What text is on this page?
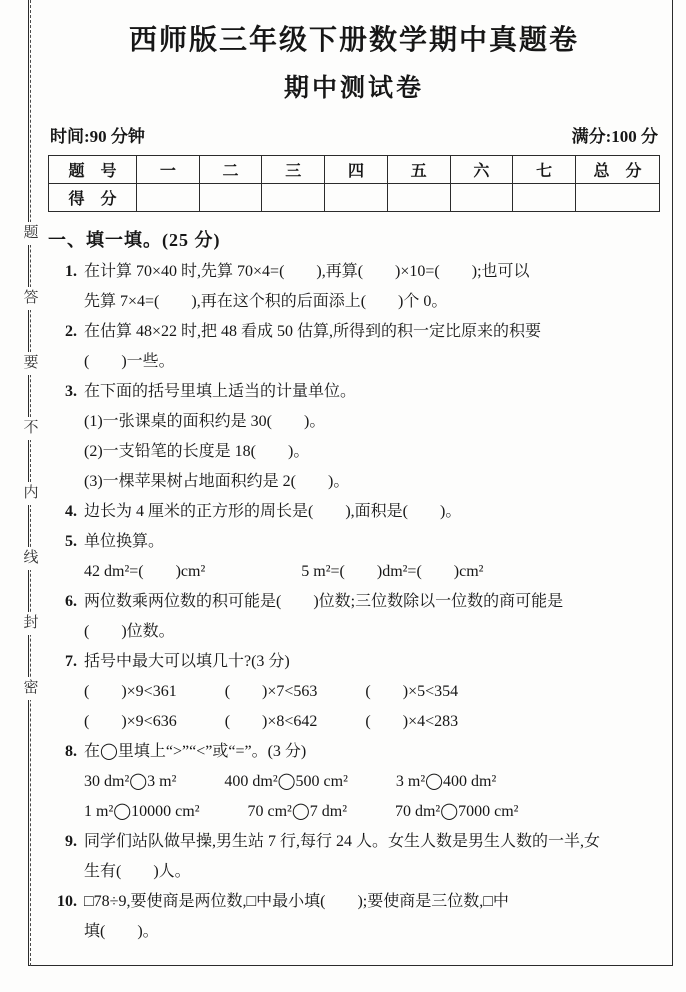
题
答
要
不
内
线
封
密
西师版三年级下册数学期中真题卷
期中测试卷
时间:90 分钟	满分:100 分
题　号	一	二	三	四	五	六	七	总　分
得　分								
一、填一填。(25 分)
1. 在计算 70×40 时,先算 70×4=(　　),再算(　　)×10=(　　);也可以
先算 7×4=(　　),再在这个积的后面添上(　　)个 0。
2. 在估算 48×22 时,把 48 看成 50 估算,所得到的积一定比原来的积要
(　　)一些。
3. 在下面的括号里填上适当的计量单位。
(1)一张课桌的面积约是 30(　　)。
(2)一支铅笔的长度是 18(　　)。
(3)一棵苹果树占地面积约是 2(　　)。
4. 边长为 4 厘米的正方形的周长是(　　),面积是(　　)。
5. 单位换算。
42 dm²=(　　)cm²　　　　　　5 m²=(　　)dm²=(　　)cm²
6. 两位数乘两位数的积可能是(　　)位数;三位数除以一位数的商可能是
(　　)位数。
7. 括号中最大可以填几十?(3 分)
(　　)×9<361　　　(　　)×7<563　　　(　　)×5<354
(　　)×9<636　　　(　　)×8<642　　　(　　)×4<283
8. 在◯里填上“>”“<”或“=”。(3 分)
30 dm²◯3 m²　　　400 dm²◯500 cm²　　　3 m²◯400 dm²
1 m²◯10000 cm²　　　70 cm²◯7 dm²　　　70 dm²◯7000 cm²
9. 同学们站队做早操,男生站 7 行,每行 24 人。女生人数是男生人数的一半,女
生有(　　)人。
10. □78÷9,要使商是两位数,□中最小填(　　);要使商是三位数,□中
填(　　)。
